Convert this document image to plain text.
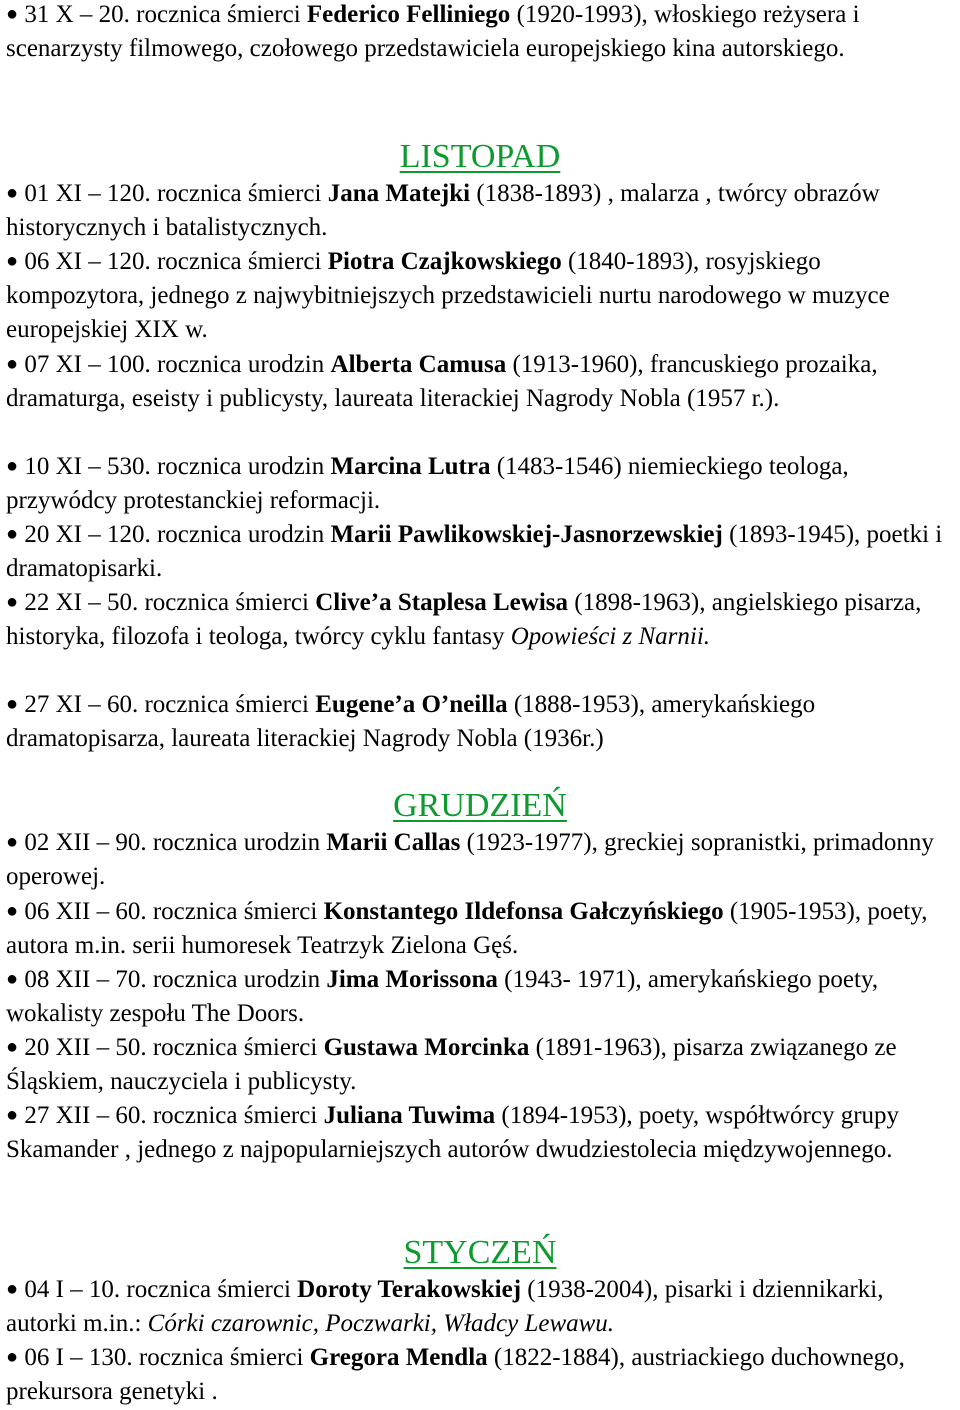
● 31 X – 20. rocznica śmierci Federico Felliniego (1920-1993), włoskiego reżysera i scenarzysty filmowego, czołowego przedstawiciela europejskiego kina autorskiego.

LISTOPAD

● 01 XI – 120. rocznica śmierci Jana Matejki (1838-1893) , malarza , twórcy obrazów historycznych i batalistycznych.

● 06 XI – 120. rocznica śmierci Piotra Czajkowskiego (1840-1893), rosyjskiego kompozytora, jednego z najwybitniejszych przedstawicieli nurtu narodowego w muzyce europejskiej XIX w.

● 07 XI – 100. rocznica urodzin Alberta Camusa (1913-1960), francuskiego prozaika, dramaturga, eseisty i publicysty, laureata literackiej Nagrody Nobla (1957 r.).

● 10 XI – 530. rocznica urodzin Marcina Lutra (1483-1546) niemieckiego teologa, przywódcy protestanckiej reformacji.

● 20 XI – 120. rocznica urodzin Marii Pawlikowskiej-Jasnorzewskiej (1893-1945), poetki i dramatopisarki.

● 22 XI – 50. rocznica śmierci Clive’a Staplesa Lewisa (1898-1963), angielskiego pisarza, historyka, filozofa i teologa, twórcy cyklu fantasy Opowieści z Narnii.

● 27 XI – 60. rocznica śmierci Eugene’a O’neilla (1888-1953), amerykańskiego dramatopisarza, laureata literackiej Nagrody Nobla (1936r.)

GRUDZIEŃ

● 02 XII – 90. rocznica urodzin Marii Callas (1923-1977), greckiej sopranistki, primadonny operowej.

● 06 XII – 60. rocznica śmierci Konstantego Ildefonsa Gałczyńskiego (1905-1953), poety, autora m.in. serii humoresek Teatrzyk Zielona Gęś.

● 08 XII – 70. rocznica urodzin Jima Morissona (1943- 1971), amerykańskiego poety, wokalisty zespołu The Doors.

● 20 XII – 50. rocznica śmierci Gustawa Morcinka (1891-1963), pisarza związanego ze Śląskiem, nauczyciela i publicysty.

● 27 XII – 60. rocznica śmierci Juliana Tuwima (1894-1953), poety, współtwórcy grupy Skamander , jednego z najpopularniejszych autorów dwudziestolecia międzywojennego.

STYCZEŃ

● 04 I – 10. rocznica śmierci Doroty Terakowskiej (1938-2004), pisarki i dziennikarki, autorki m.in.: Córki czarownic, Poczwarki, Władcy Lewawu.

● 06 I – 130. rocznica śmierci Gregora Mendla (1822-1884), austriackiego duchownego, prekursora genetyki .
